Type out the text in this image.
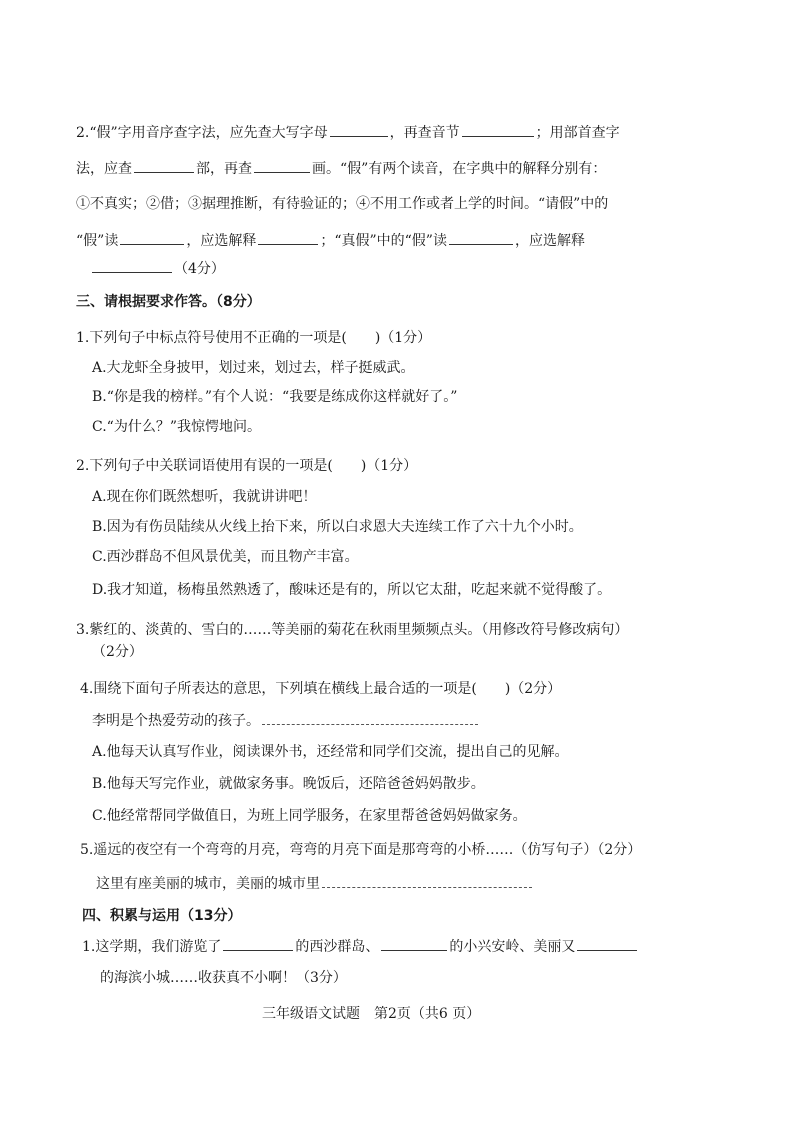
2.“假”字用音序查字法，应先查大写字母	，再查音节	；用部首查字
法，应查	部，再查	画。“假”有两个读音，在字典中的解释分别有：
①不真实；②借；③据理推断，有待验证的；④不用工作或者上学的时间。“请假”中的
“假”读	，应选解释	；“真假”中的“假”读	，应选解释
（4分）
三、请根据要求作答。（8分）
1.下列句子中标点符号使用不正确的一项是(　　)（1分）
A.大龙虾全身披甲，划过来，划过去，样子挺威武。
B.“你是我的榜样。”有个人说：“我要是练成你这样就好了。”
C.“为什么？”我惊愕地问。
2.下列句子中关联词语使用有误的一项是(　　)（1分）
A.现在你们既然想听，我就讲讲吧！
B.因为有伤员陆续从火线上抬下来，所以白求恩大夫连续工作了六十九个小时。
C.西沙群岛不但风景优美，而且物产丰富。
D.我才知道，杨梅虽然熟透了，酸味还是有的，所以它太甜，吃起来就不觉得酸了。
3.紫红的、淡黄的、雪白的……等美丽的菊花在秋雨里频频点头。（用修改符号修改病句）
（2分）
4.围绕下面句子所表达的意思，下列填在横线上最合适的一项是(　　)（2分）
李明是个热爱劳动的孩子。
A.他每天认真写作业，阅读课外书，还经常和同学们交流，提出自己的见解。
B.他每天写完作业，就做家务事。晚饭后，还陪爸爸妈妈散步。
C.他经常帮同学做值日，为班上同学服务，在家里帮爸爸妈妈做家务。
5.遥远的夜空有一个弯弯的月亮，弯弯的月亮下面是那弯弯的小桥……（仿写句子）（2分）
这里有座美丽的城市，美丽的城市里
四、积累与运用（13分）
1.这学期，我们游览了	的西沙群岛、	的小兴安岭、美丽又
的海滨小城……收获真不小啊！（3分）
三年级语文试题　第2页（共6 页）
